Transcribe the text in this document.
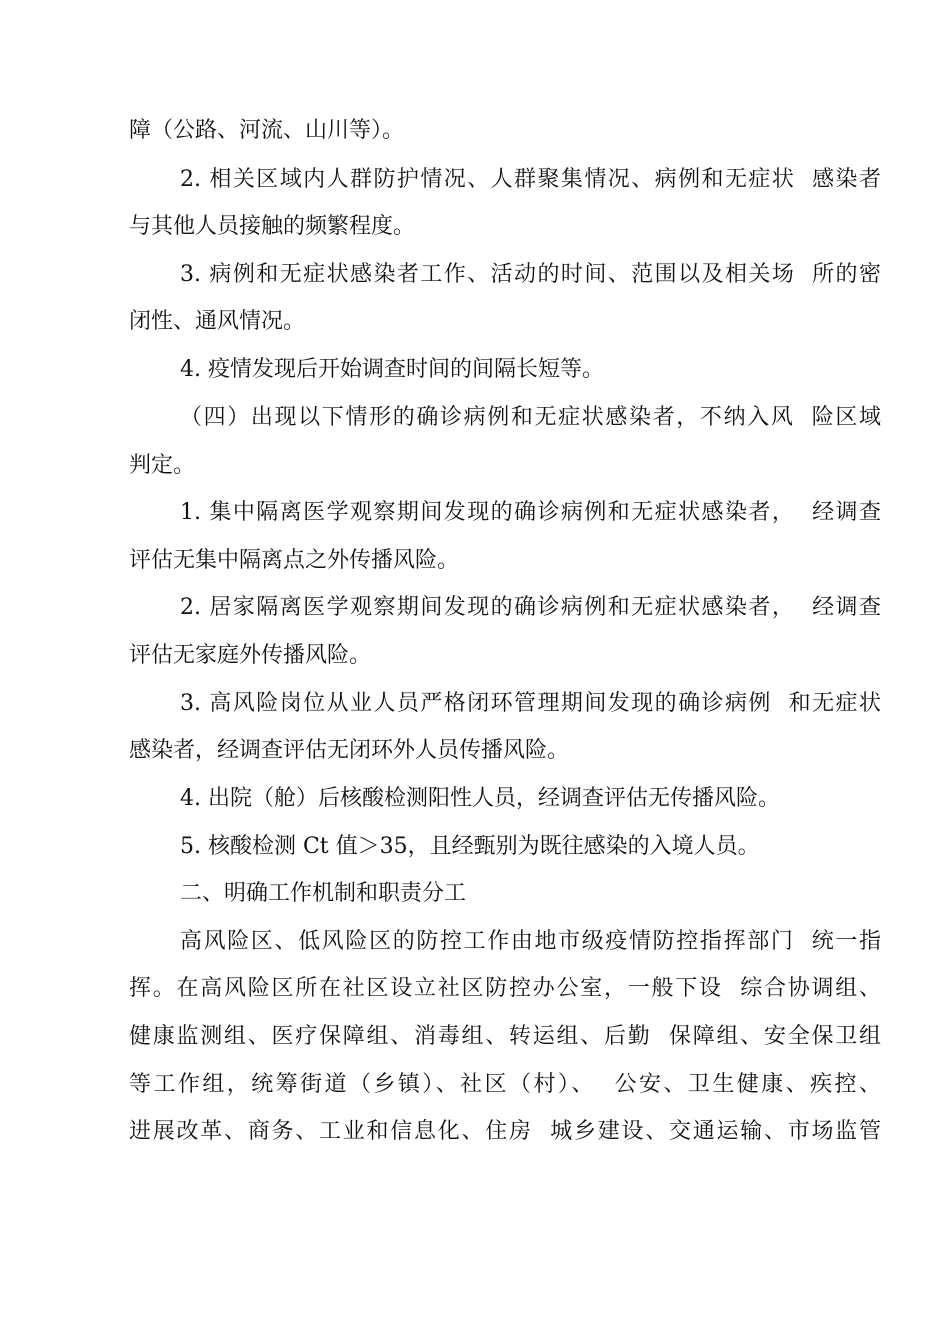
障（公路、河流、山川等）。
2. 相关区域内人群防护情况、人群聚集情况、病例和无症状  感染者
与其他人员接触的频繁程度。
3. 病例和无症状感染者工作、活动的时间、范围以及相关场  所的密
闭性、通风情况。
4. 疫情发现后开始调查时间的间隔长短等。
（四）出现以下情形的确诊病例和无症状感染者，不纳入风  险区域
判定。
1. 集中隔离医学观察期间发现的确诊病例和无症状感染者，  经调查
评估无集中隔离点之外传播风险。
2. 居家隔离医学观察期间发现的确诊病例和无症状感染者，  经调查
评估无家庭外传播风险。
3. 高风险岗位从业人员严格闭环管理期间发现的确诊病例  和无症状
感染者，经调查评估无闭环外人员传播风险。
4. 出院（舱）后核酸检测阳性人员，经调查评估无传播风险。
5. 核酸检测 Ct 值＞35，且经甄别为既往感染的入境人员。
二、明确工作机制和职责分工
高风险区、低风险区的防控工作由地市级疫情防控指挥部门  统一指
挥。在高风险区所在社区设立社区防控办公室，一般下设  综合协调组、
健康监测组、医疗保障组、消毒组、转运组、后勤  保障组、安全保卫组
等工作组，统筹街道（乡镇）、社区（村）、  公安、卫生健康、疾控、
进展改革、商务、工业和信息化、住房  城乡建设、交通运输、市场监管
